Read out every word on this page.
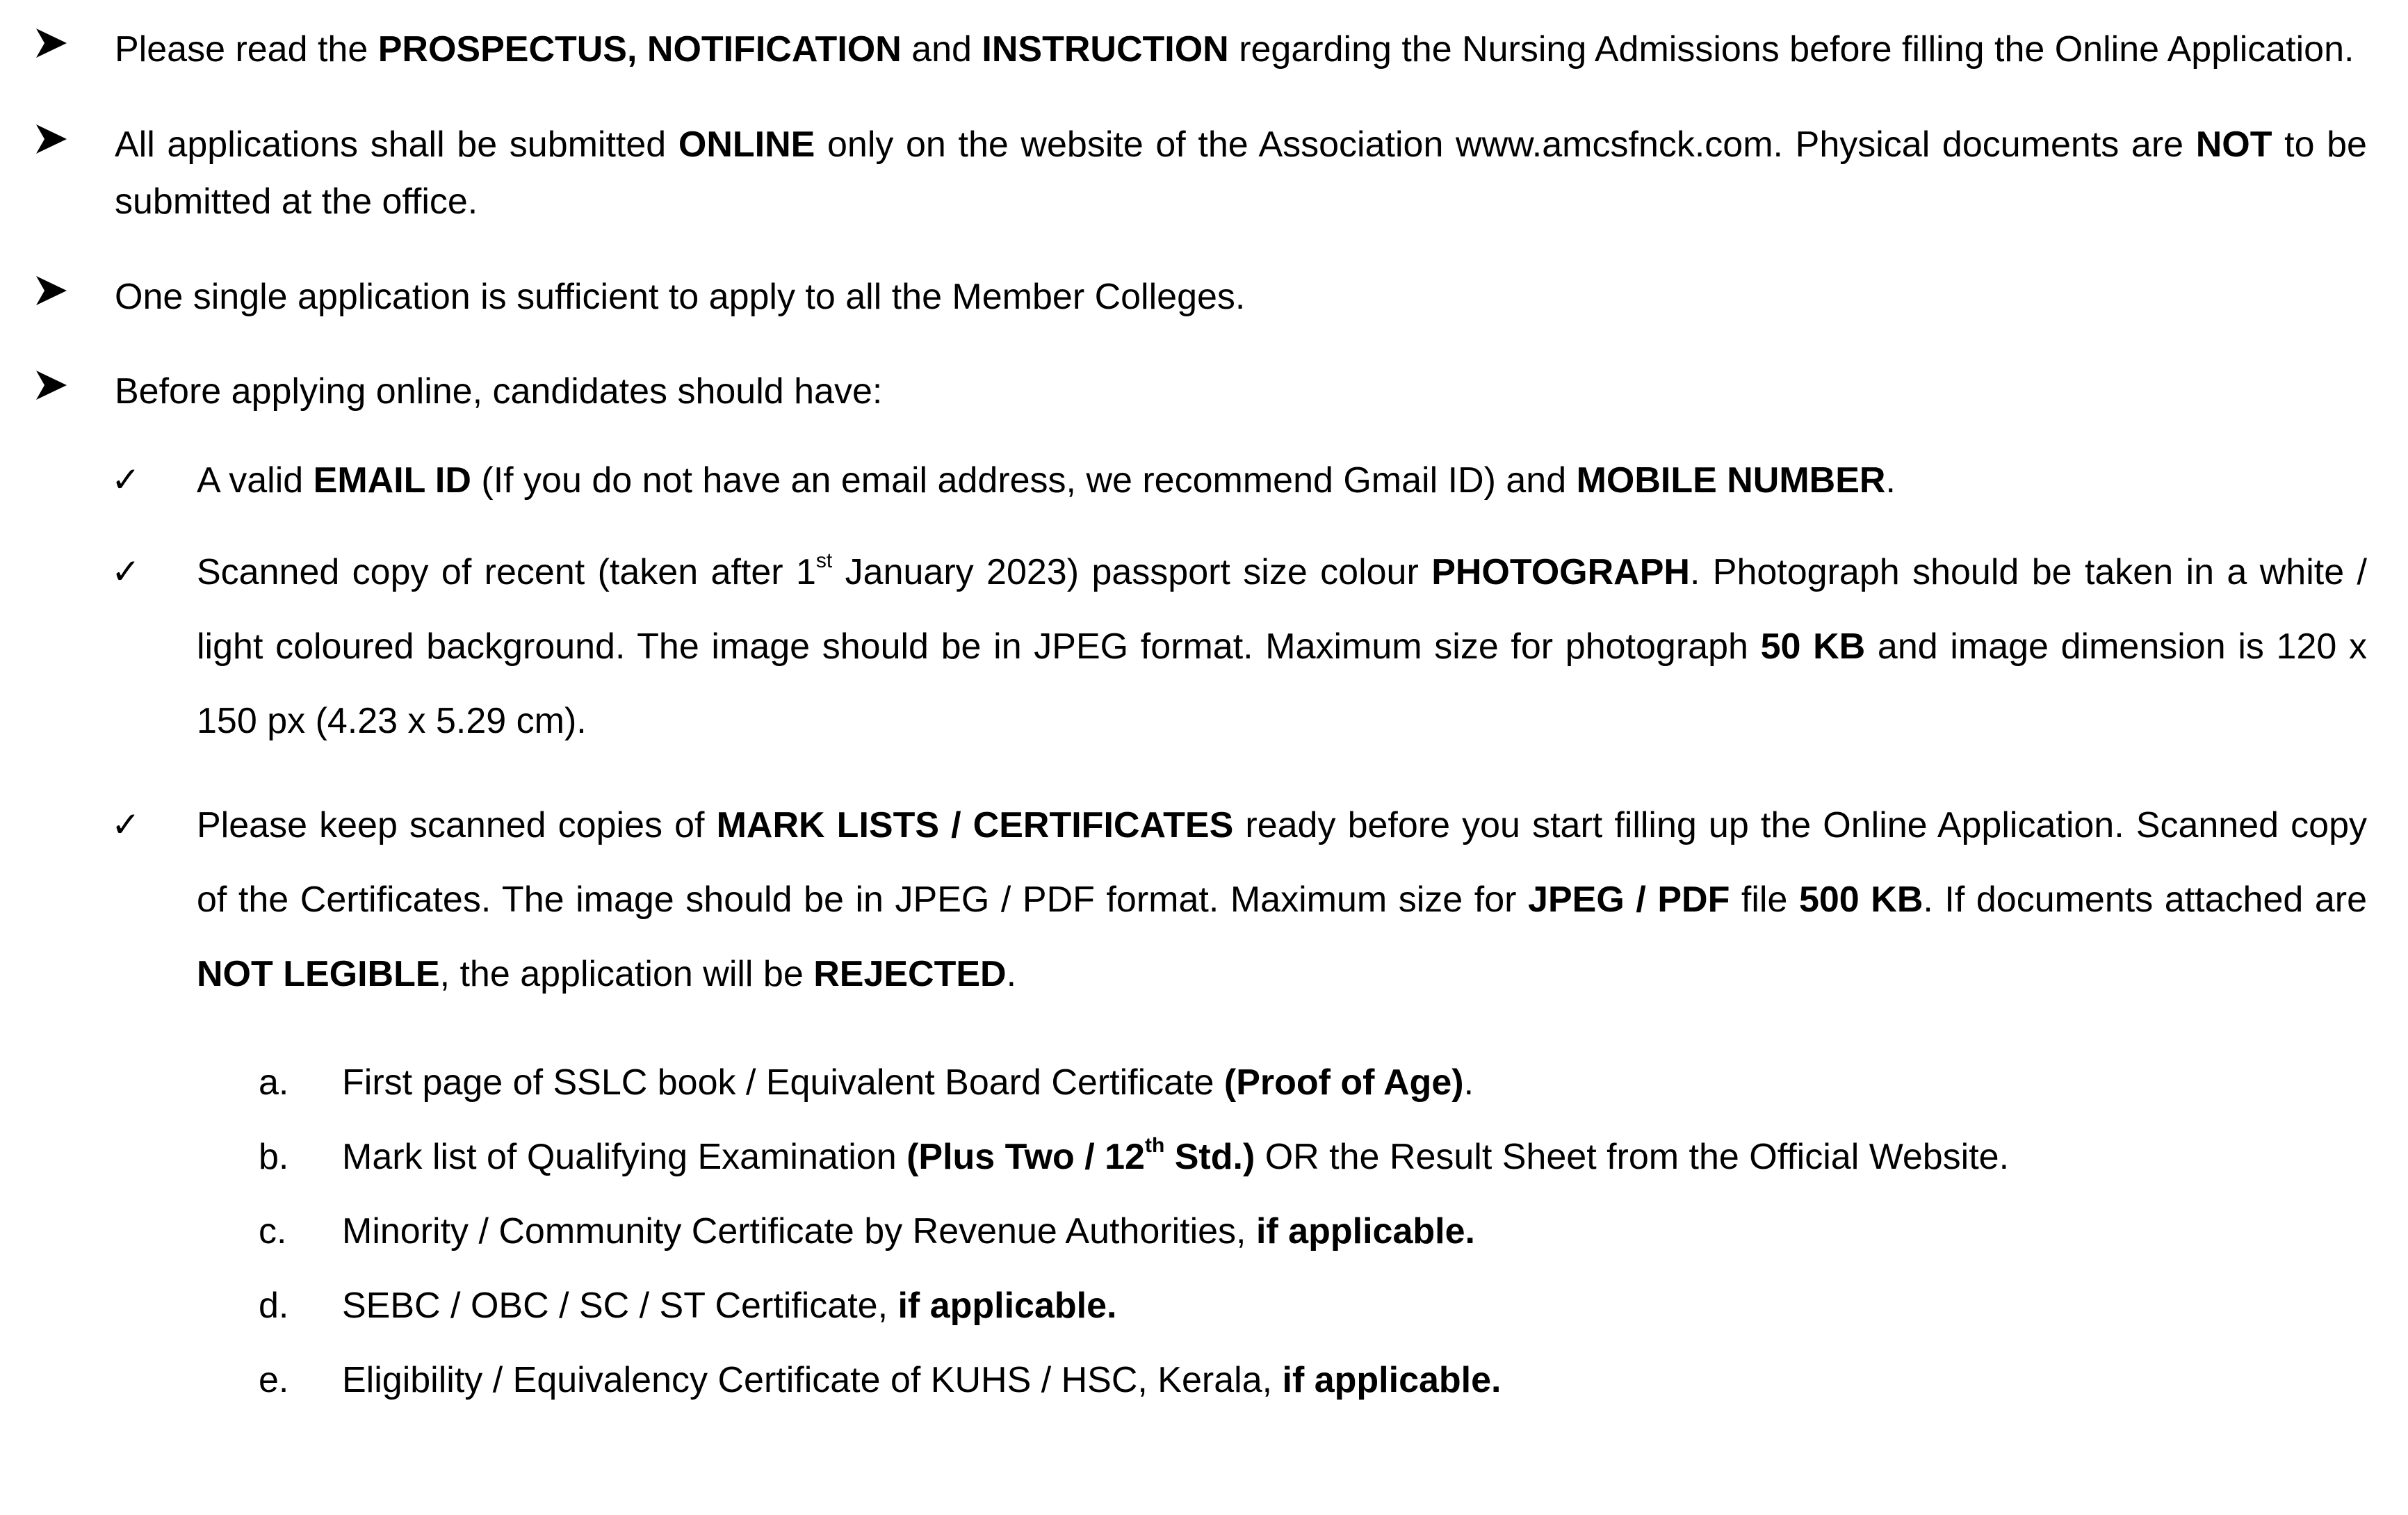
Please read the PROSPECTUS, NOTIFICATION and INSTRUCTION regarding the Nursing Admissions before filling the Online Application.
All applications shall be submitted ONLINE only on the website of the Association www.amcsfnck.com. Physical documents are NOT to be submitted at the office.
One single application is sufficient to apply to all the Member Colleges.
Before applying online, candidates should have:
✓ A valid EMAIL ID (If you do not have an email address, we recommend Gmail ID) and MOBILE NUMBER.
✓ Scanned copy of recent (taken after 1st January 2023) passport size colour PHOTOGRAPH. Photograph should be taken in a white / light coloured background. The image should be in JPEG format. Maximum size for photograph 50 KB and image dimension is 120 x 150 px (4.23 x 5.29 cm).
✓ Please keep scanned copies of MARK LISTS / CERTIFICATES ready before you start filling up the Online Application. Scanned copy of the Certificates. The image should be in JPEG / PDF format. Maximum size for JPEG / PDF file 500 KB. If documents attached are NOT LEGIBLE, the application will be REJECTED.
a. First page of SSLC book / Equivalent Board Certificate (Proof of Age).
b. Mark list of Qualifying Examination (Plus Two / 12th Std.) OR the Result Sheet from the Official Website.
c. Minority / Community Certificate by Revenue Authorities, if applicable.
d. SEBC / OBC / SC / ST Certificate, if applicable.
e. Eligibility / Equivalency Certificate of KUHS / HSC, Kerala, if applicable.
